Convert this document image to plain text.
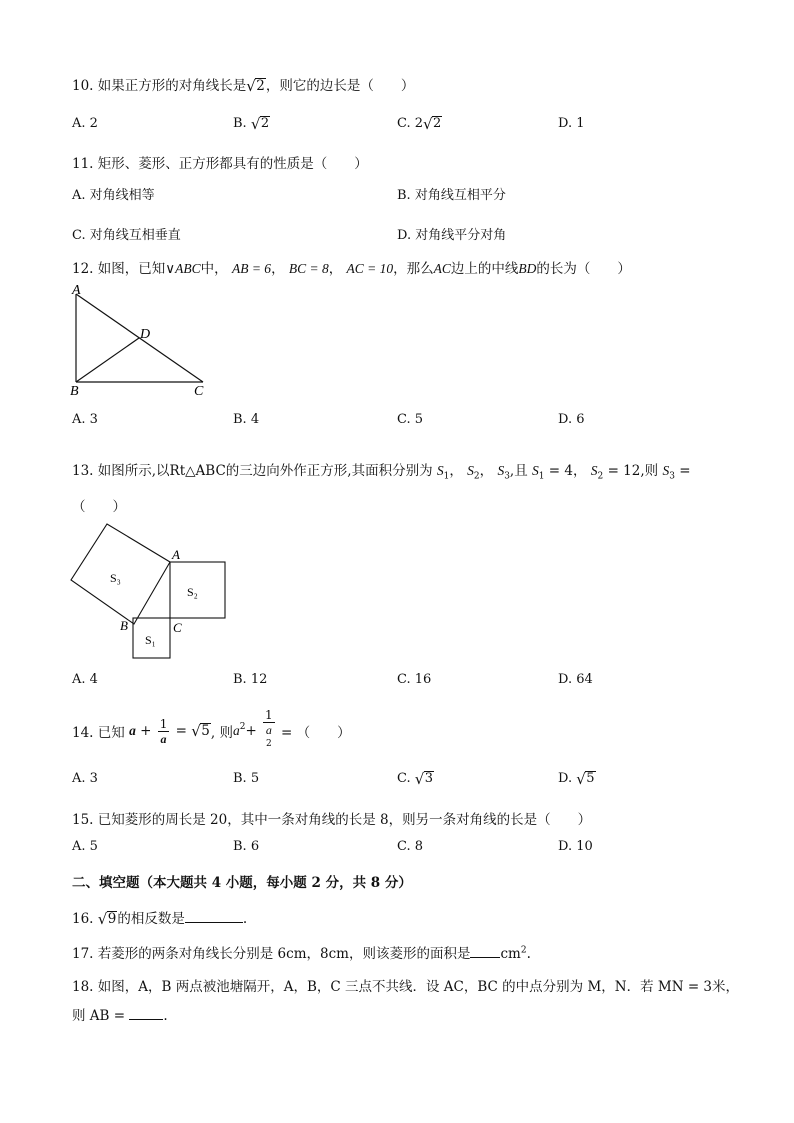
10. 如果正方形的对角线长是 √ 2，则它的边长是（　　）
A. 2	B. √ 2	C. 2 √ 2	D. 1
11. 矩形、菱形、正方形都具有的性质是（　　）
A. 对角线相等	B. 对角线互相平分
C. 对角线互相垂直	D. 对角线平分对角
12. 如图，已知∨ABC中， AB = 6， BC = 8， AC = 10，那么AC边上的中线BD的长为（　　）
A
B	C
D
A. 3	B. 4	C. 5	D. 6
13. 如图所示,以Rt△ABC的三边向外作正方形,其面积分别为 $S_1$， $S_2$， $S_3$,且 $S_1 = 4$， $S_2 = 12$,则 $S_3$ =
（　　）
A
B	C
S₃
S₂
S₁
A. 4	B. 12	C. 16	D. 64
14. 已知 $a + \frac{1}{a}$ = √ 5, 则$a^2+ 1$
a
$^2$ = （　　）
A. 3	B. 5	C. √ 3	D. √ 5
15. 已知菱形的周长是 20，其中一条对角线的长是 8，则另一条对角线的长是（　　）
A. 5	B. 6	C. 8	D. 10
二、填空题（本大题共 4 小题，每小题 2 分，共 8 分）
16. √ 9的相反数是	.
17. 若菱形的两条对角线长分别是 6cm，8cm，则该菱形的面积是 $cm^2$.
18. 如图，A，B 两点被池塘隔开，A，B，C 三点不共线．设 AC，BC 的中点分别为 M，N．若 MN = 3米，
则 AB =	.
